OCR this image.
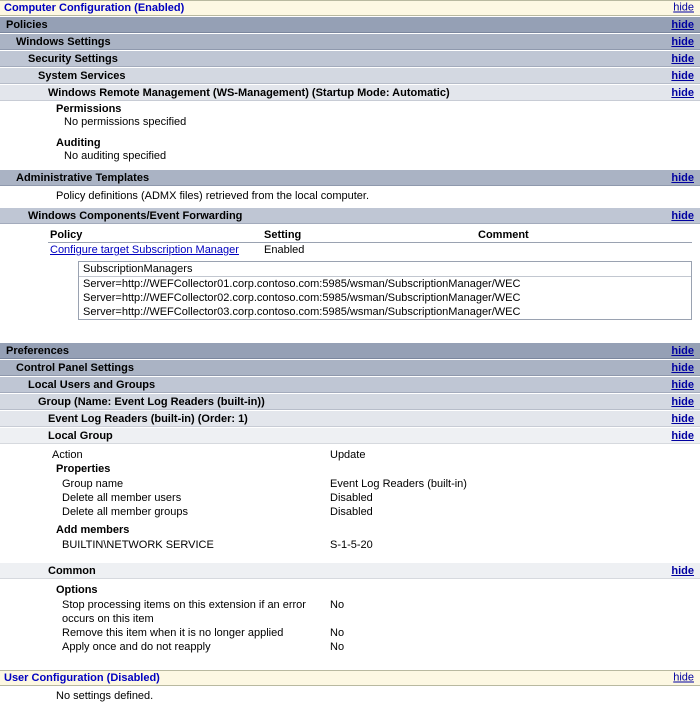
Computer Configuration (Enabled)	hide
Policies	hide
Windows Settings	hide
Security Settings	hide
System Services	hide
Windows Remote Management (WS-Management) (Startup Mode: Automatic)	hide
Permissions
No permissions specified
Auditing
No auditing specified
Administrative Templates	hide
Policy definitions (ADMX files) retrieved from the local computer.
Windows Components/Event Forwarding	hide
Policy	Setting	Comment
Configure target Subscription Manager	Enabled	
SubscriptionManagers
Server=http://WEFCollector01.corp.contoso.com:5985/wsman/SubscriptionManager/WEC
Server=http://WEFCollector02.corp.contoso.com:5985/wsman/SubscriptionManager/WEC
Server=http://WEFCollector03.corp.contoso.com:5985/wsman/SubscriptionManager/WEC
Preferences	hide
Control Panel Settings	hide
Local Users and Groups	hide
Group (Name: Event Log Readers (built-in))	hide
Event Log Readers (built-in) (Order: 1)	hide
Local Group	hide
Action	Update
Properties
Group name	Event Log Readers (built-in)
Delete all member users	Disabled
Delete all member groups	Disabled
Add members
BUILTIN\NETWORK SERVICE	S-1-5-20
Common	hide
Options
Stop processing items on this extension if an error occurs on this item
No
Remove this item when it is no longer applied	No
Apply once and do not reapply	No
User Configuration (Disabled)	hide
No settings defined.
